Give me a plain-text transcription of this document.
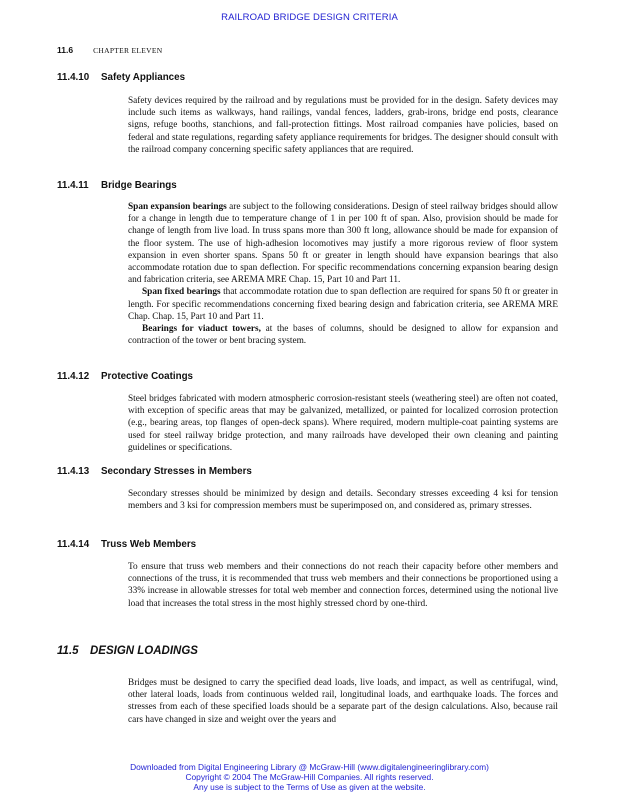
RAILROAD BRIDGE DESIGN CRITERIA
11.6	CHAPTER ELEVEN
11.4.10 Safety Appliances

Safety devices required by the railroad and by regulations must be provided for in the design. Safety devices may include such items as walkways, hand railings, vandal fences, ladders, grab-irons, bridge end posts, clearance signs, refuge booths, stanchions, and fall-protection fittings. Most railroad companies have policies, based on federal and state regulations, regarding safety appliance requirements for bridges. The designer should consult with the railroad company concerning specific safety appliances that are required.

11.4.11 Bridge Bearings

Span expansion bearings are subject to the following considerations. Design of steel railway bridges should allow for a change in length due to temperature change of 1 in per 100 ft of span. Also, provision should be made for change of length from live load. In truss spans more than 300 ft long, allowance should be made for expansion of the floor system. The use of high-adhesion locomotives may justify a more rigorous review of floor system expansion in even shorter spans. Spans 50 ft or greater in length should have expansion bearings that also accommodate rotation due to span deflection. For specific recommendations concerning expansion bearing design and fabrication criteria, see AREMA MRE Chap. 15, Part 10 and Part 11.

Span fixed bearings that accommodate rotation due to span deflection are required for spans 50 ft or greater in length. For specific recommendations concerning fixed bearing design and fabrication criteria, see AREMA MRE Chap. Chap. 15, Part 10 and Part 11.

Bearings for viaduct towers, at the bases of columns, should be designed to allow for expansion and contraction of the tower or bent bracing system.

11.4.12 Protective Coatings

Steel bridges fabricated with modern atmospheric corrosion-resistant steels (weathering steel) are often not coated, with exception of specific areas that may be galvanized, metallized, or painted for localized corrosion protection (e.g., bearing areas, top flanges of open-deck spans). Where required, modern multiple-coat painting systems are used for steel railway bridge protection, and many railroads have developed their own cleaning and painting guidelines or specifications.

11.4.13 Secondary Stresses in Members

Secondary stresses should be minimized by design and details. Secondary stresses exceeding 4 ksi for tension members and 3 ksi for compression members must be superimposed on, and considered as, primary stresses.

11.4.14 Truss Web Members

To ensure that truss web members and their connections do not reach their capacity before other members and connections of the truss, it is recommended that truss web members and their connections be proportioned using a 33% increase in allowable stresses for total web member and connection forces, determined using the notional live load that increases the total stress in the most highly stressed chord by one-third.

11.5 DESIGN LOADINGS

Bridges must be designed to carry the specified dead loads, live loads, and impact, as well as centrifugal, wind, other lateral loads, loads from continuous welded rail, longitudinal loads, and earthquake loads. The forces and stresses from each of these specified loads should be a separate part of the design calculations. Also, because rail cars have changed in size and weight over the years and

Downloaded from Digital Engineering Library @ McGraw-Hill (www.digitalengineeringlibrary.com)
Copyright © 2004 The McGraw-Hill Companies. All rights reserved.
Any use is subject to the Terms of Use as given at the website.
